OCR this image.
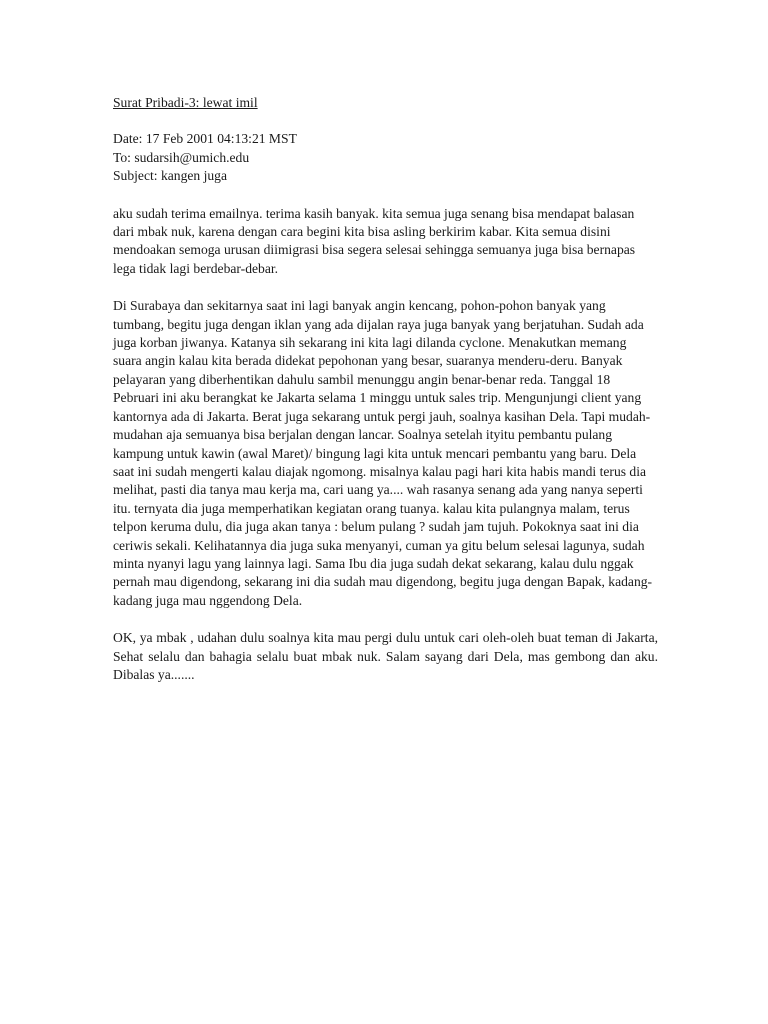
Surat Pribadi-3: lewat imil
Date: 17 Feb 2001 04:13:21 MST
To: sudarsih@umich.edu
Subject: kangen juga

aku sudah terima emailnya. terima kasih banyak. kita semua juga senang bisa mendapat balasan dari mbak nuk, karena dengan cara begini kita bisa asling berkirim kabar. Kita semua disini mendoakan semoga urusan diimigrasi bisa segera selesai sehingga semuanya juga bisa bernapas lega tidak lagi berdebar-debar.

Di Surabaya dan sekitarnya saat ini lagi banyak angin kencang, pohon-pohon banyak yang tumbang, begitu juga dengan iklan yang ada dijalan raya juga banyak yang berjatuhan. Sudah ada juga korban jiwanya. Katanya sih sekarang ini kita lagi dilanda cyclone. Menakutkan memang suara angin kalau kita berada didekat pepohonan yang besar, suaranya menderu-deru. Banyak pelayaran yang diberhentikan dahulu sambil menunggu angin benar-benar reda. Tanggal 18 Pebruari ini aku berangkat ke Jakarta selama 1 minggu untuk sales trip. Mengunjungi client yang kantornya ada di Jakarta. Berat juga sekarang untuk pergi jauh, soalnya kasihan Dela. Tapi mudah-mudahan aja semuanya bisa berjalan dengan lancar. Soalnya setelah ityitu pembantu pulang kampung untuk kawin (awal Maret)/ bingung lagi kita untuk mencari pembantu yang baru. Dela saat ini sudah mengerti kalau diajak ngomong. misalnya kalau pagi hari kita habis mandi terus dia melihat, pasti dia tanya mau kerja ma, cari uang ya.... wah rasanya senang ada yang nanya seperti itu. ternyata dia juga memperhatikan kegiatan orang tuanya. kalau kita pulangnya malam, terus telpon keruma dulu, dia juga akan tanya : belum pulang ? sudah jam tujuh. Pokoknya saat ini dia ceriwis sekali. Kelihatannya dia juga suka menyanyi, cuman ya gitu belum selesai lagunya, sudah minta nyanyi lagu yang lainnya lagi. Sama Ibu dia juga sudah dekat sekarang, kalau dulu nggak pernah mau digendong, sekarang ini dia sudah mau digendong, begitu juga dengan Bapak, kadang-kadang juga mau nggendong Dela.

OK, ya mbak , udahan dulu soalnya kita mau pergi dulu untuk cari oleh-oleh buat teman di Jakarta, Sehat selalu dan bahagia selalu buat mbak nuk. Salam sayang dari Dela, mas gembong dan aku. Dibalas ya.......
